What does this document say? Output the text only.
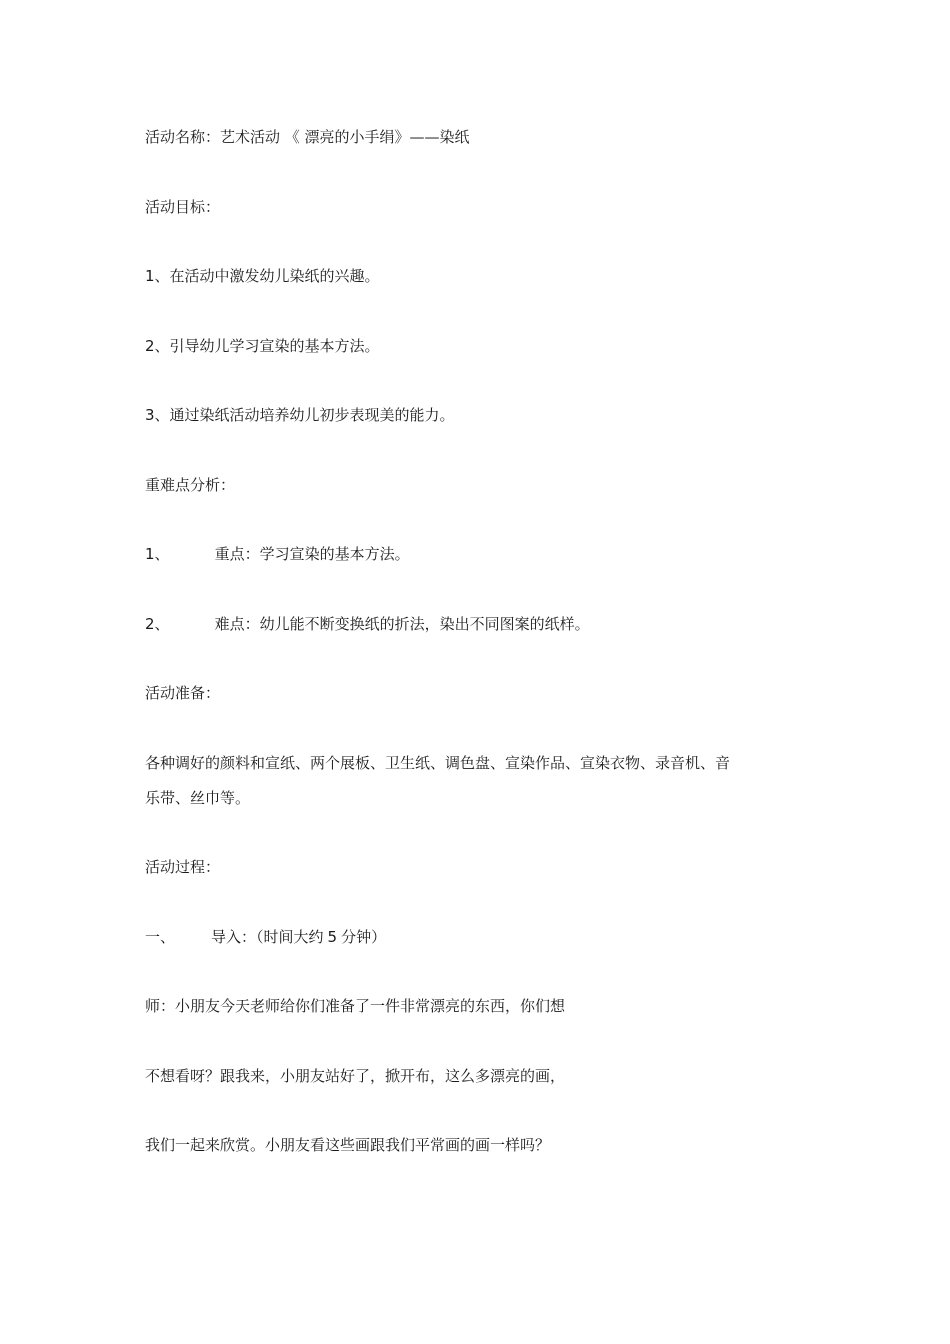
活动名称：艺术活动 《 漂亮的小手绢》——染纸
活动目标：
1、在活动中激发幼儿染纸的兴趣。
2、引导幼儿学习宣染的基本方法。
3、通过染纸活动培养幼儿初步表现美的能力。
重难点分析：
1、	重点：学习宣染的基本方法。
2、	难点：幼儿能不断变换纸的折法，染出不同图案的纸样。
活动准备：
各种调好的颜料和宣纸、两个展板、卫生纸、调色盘、宣染作品、宣染衣物、录音机、音
乐带、丝巾等。
活动过程：
一、 导入：（时间大约 5 分钟）
师：小朋友今天老师给你们准备了一件非常漂亮的东西，你们想
不想看呀？跟我来，小朋友站好了，掀开布，这么多漂亮的画，
我们一起来欣赏。小朋友看这些画跟我们平常画的画一样吗？
